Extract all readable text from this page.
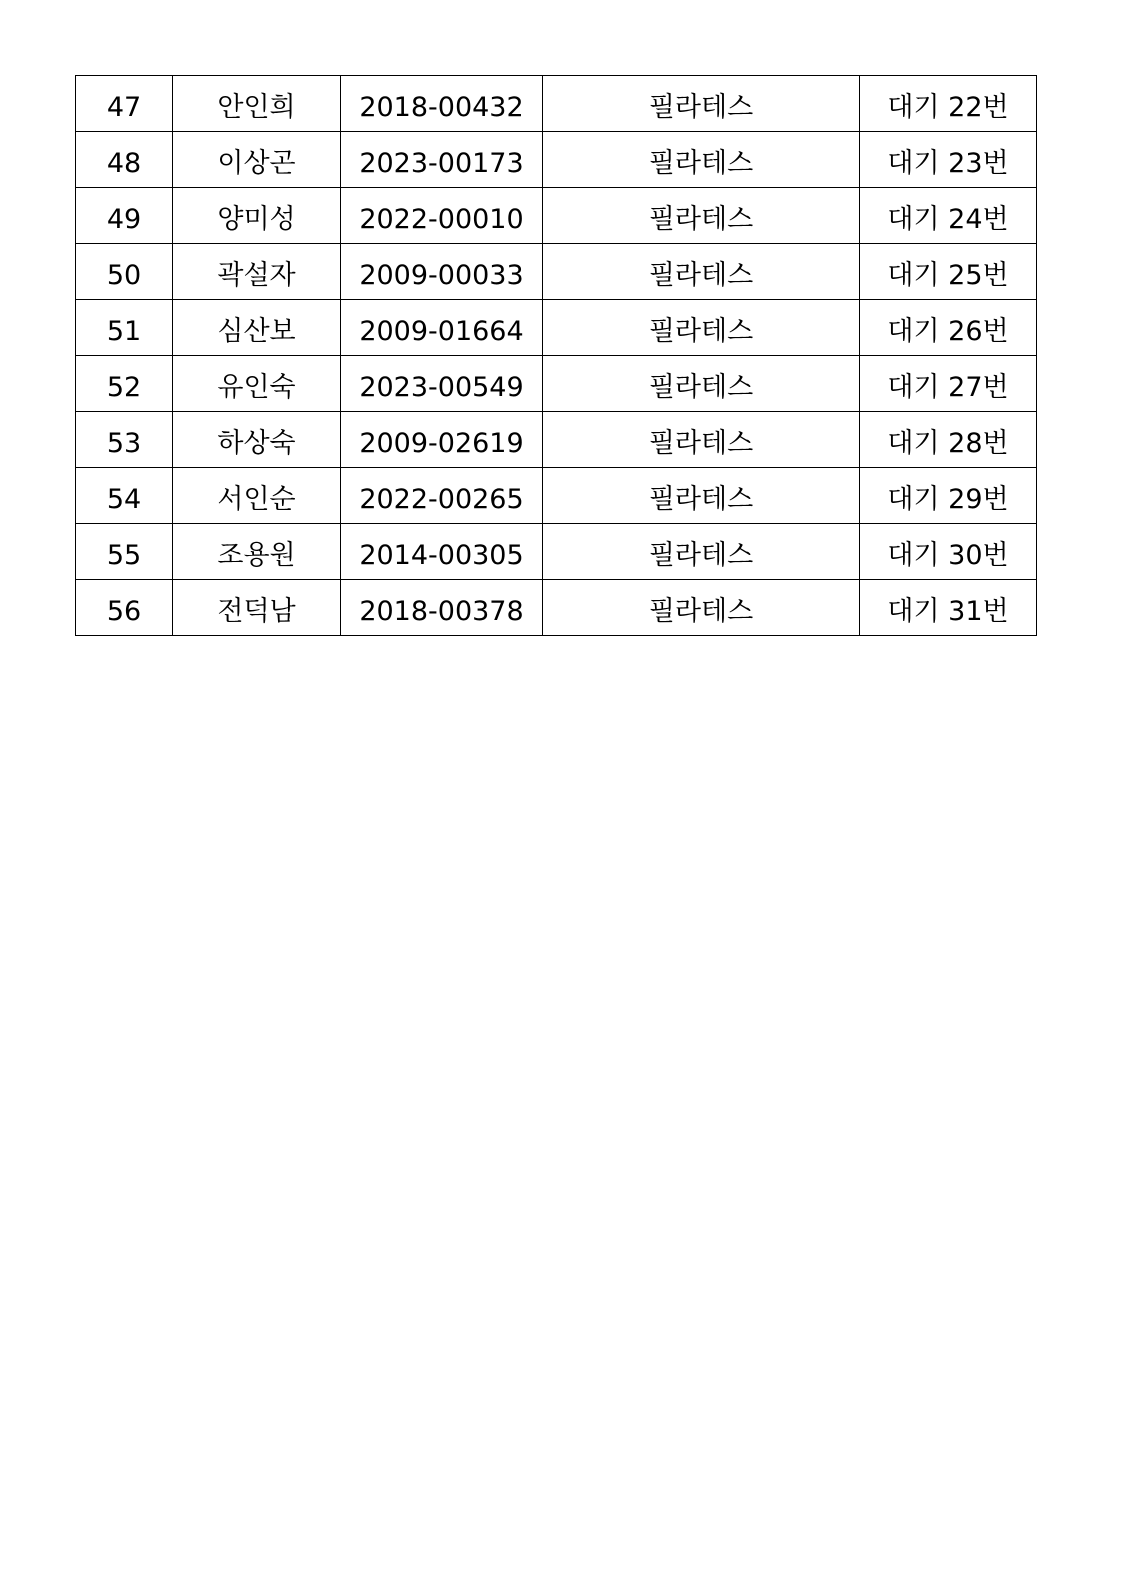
47	안인희	2018-00432	필라테스	대기 22번
48	이상곤	2023-00173	필라테스	대기 23번
49	양미성	2022-00010	필라테스	대기 24번
50	곽설자	2009-00033	필라테스	대기 25번
51	심산보	2009-01664	필라테스	대기 26번
52	유인숙	2023-00549	필라테스	대기 27번
53	하상숙	2009-02619	필라테스	대기 28번
54	서인순	2022-00265	필라테스	대기 29번
55	조용원	2014-00305	필라테스	대기 30번
56	전덕남	2018-00378	필라테스	대기 31번
